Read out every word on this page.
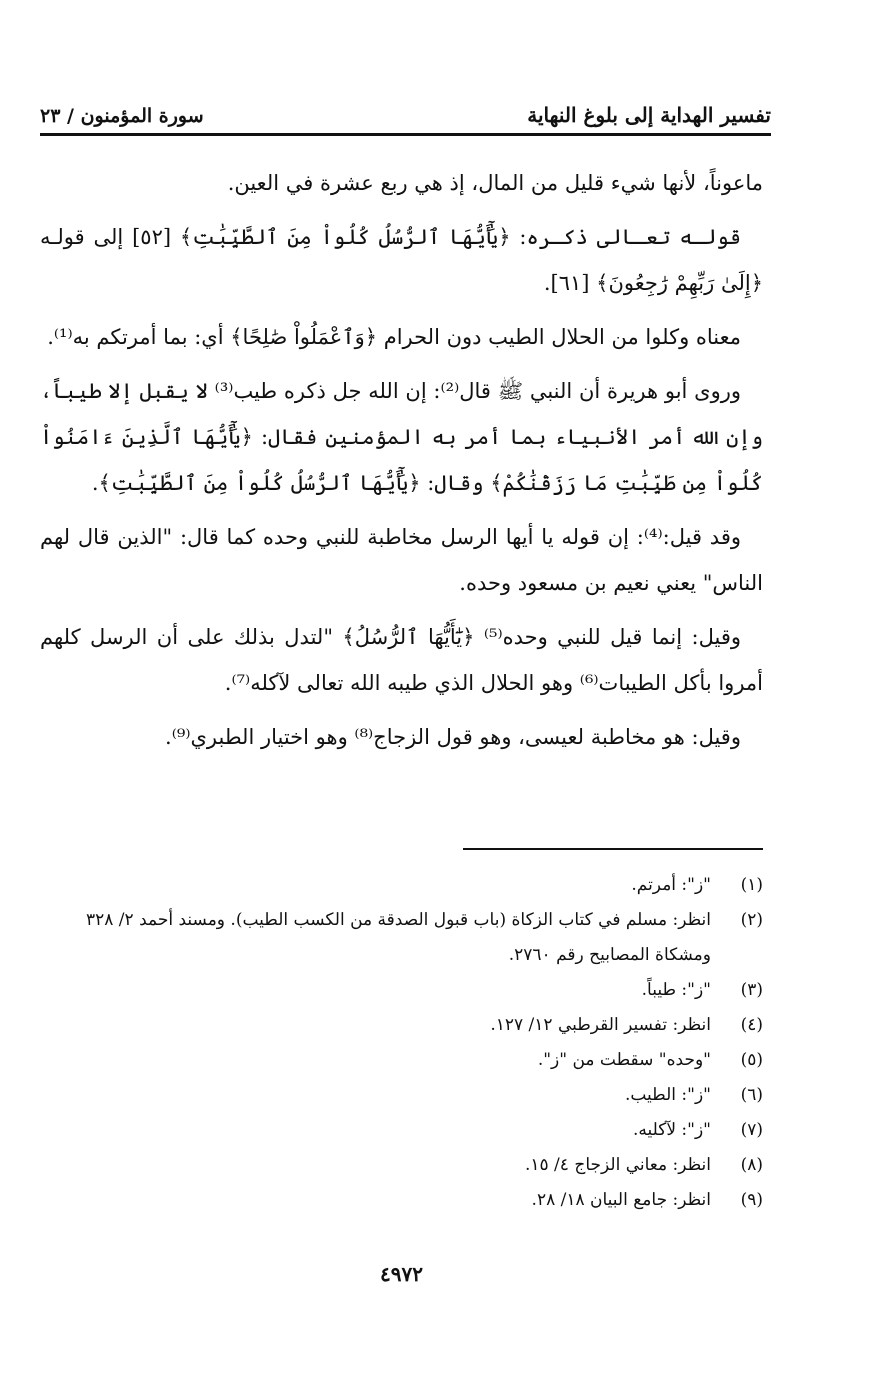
تفسير الهداية إلى بلوغ النهاية
سورة المؤمنون / ٢٣

ماعوناً، لأنها شيء قليل من المال، إذ هي ربع عشرة في العين.

قولـه تعـالى ذكـره: ﴿يَٰٓأَيُّهَا ٱلرُّسُلُ كُلُواْ مِنَ ٱلطَّيِّبَٰتِ﴾ [٥٢] إلى قولـه ﴿إِلَىٰ رَبِّهِمْ رَٰجِعُونَ﴾ [٦١].

معناه وكلوا من الحلال الطيب دون الحرام ﴿وَٱعْمَلُواْ صَٰلِحًا﴾ أي: بما أمرتكم به⁽¹⁾.

وروى أبو هريرة أن النبي ﷺ قال⁽²⁾: إن الله جل ذكره طيب⁽³⁾ لا يقبل إلا طيباً، وإن الله أمر الأنبياء بما أمر به المؤمنين فقال: ﴿يَٰٓأَيُّهَا ٱلَّذِينَ ءَامَنُواْ كُلُواْ مِن طَيِّبَٰتِ مَا رَزَقْنَٰكُمْ﴾ وقال: ﴿يَٰٓأَيُّهَا ٱلرُّسُلُ كُلُواْ مِنَ ٱلطَّيِّبَٰتِ﴾.

وقد قيل:⁽⁴⁾: إن قوله يا أيها الرسل مخاطبة للنبي وحده كما قال: "الذين قال لهم الناس" يعني نعيم بن مسعود وحده.

وقيل: إنما قيل للنبي وحده⁽⁵⁾ ﴿يَٰٓأَيُّهَا ٱلرُّسُلُ﴾ "لتدل بذلك على أن الرسل كلهم أمروا بأكل الطيبات⁽⁶⁾ وهو الحلال الذي طيبه الله تعالى لآكله⁽⁷⁾.

وقيل: هو مخاطبة لعيسى، وهو قول الزجاج⁽⁸⁾ وهو اختيار الطبري⁽⁹⁾.

(١)
"ز": أمرتم.
(٢)
انظر: مسلم في كتاب الزكاة (باب قبول الصدقة من الكسب الطيب). ومسند أحمد ٢/ ٣٢٨ ومشكاة المصابيح رقم ٢٧٦٠.
(٣)
"ز": طيباً.
(٤)
انظر: تفسير القرطبي ١٢/ ١٢٧.
(٥)
"وحده" سقطت من "ز".
(٦)
"ز": الطيب.
(٧)
"ز": لآكليه.
(٨)
انظر: معاني الزجاج ٤/ ١٥.
(٩)
انظر: جامع البيان ١٨/ ٢٨.
٤٩٧٢
